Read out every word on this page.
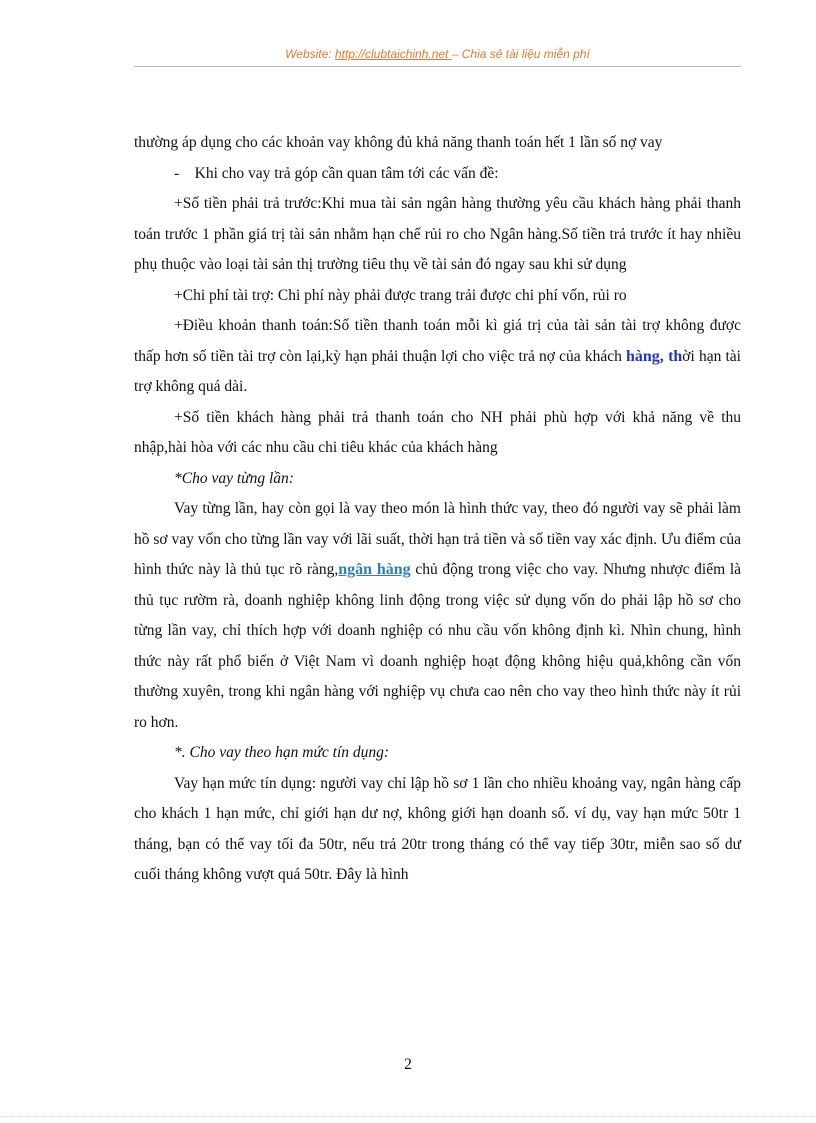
Website: http://clubtaichinh.net – Chia sẻ tài liệu miễn phí

thường áp dụng cho các khoản vay không đủ khả năng thanh toán hết 1 lần số nợ vay

-    Khi cho vay trả góp cần quan tâm tới các vấn đề:

+Số tiền phải trả trước:Khi mua tài sản ngân hàng thường yêu cầu khách hàng phải thanh toán trước 1 phần giá trị tài sản nhằm hạn chế rủi ro cho Ngân hàng.Số tiền trả trước ít hay nhiều phụ thuộc vào loại tài sản thị trường tiêu thụ về tài sản đó ngay sau khi sử dụng

+Chi phí tài trợ: Chi phí này phải được trang trải được chi phí vốn, rủi ro

+Điều khoản thanh toán:Số tiền thanh toán mỗi kì giá trị của tài sản tài trợ không được thấp hơn số tiền tài trợ còn lại,kỳ hạn phải thuận lợi cho việc trả nợ của khách hàng, thời hạn tài trợ không quá dài.

+Số tiền khách hàng phải trả thanh toán cho NH phải phù hợp với khả năng về thu nhập,hài hòa với các nhu cầu chi tiêu khác của khách hàng

*Cho vay từng lần:

Vay từng lần, hay còn gọi là vay theo món là hình thức vay, theo đó người vay sẽ phải làm hồ sơ vay vốn cho từng lần vay với lãi suất, thời hạn trả tiền và số tiền vay xác định. Ưu điểm của hình thức này là thủ tục rõ ràng,ngân hàng chủ động trong việc cho vay. Nhưng nhược điểm là thủ tục rườm rà, doanh nghiệp không linh động trong việc sử dụng vốn do phải lập hồ sơ cho từng lần vay, chỉ thích hợp với doanh nghiệp có nhu cầu vốn không định kì. Nhìn chung, hình thức này rất phổ biến ở Việt Nam vì doanh nghiệp hoạt động không hiệu quả,không cần vốn thường xuyên, trong khi ngân hàng với nghiệp vụ chưa cao nên cho vay theo hình thức này ít rủi ro hơn.

*. Cho vay theo hạn mức tín dụng:

Vay hạn mức tín dụng: người vay chỉ lập hồ sơ 1 lần cho nhiều khoảng vay, ngân hàng cấp cho khách 1 hạn mức, chỉ giới hạn dư nợ, không giới hạn doanh số. ví dụ, vay hạn mức 50tr 1 tháng, bạn có thể vay tối đa 50tr, nếu trả 20tr trong tháng có thể vay tiếp 30tr, miễn sao số dư cuối tháng không vượt quá 50tr. Đây là hình

2
